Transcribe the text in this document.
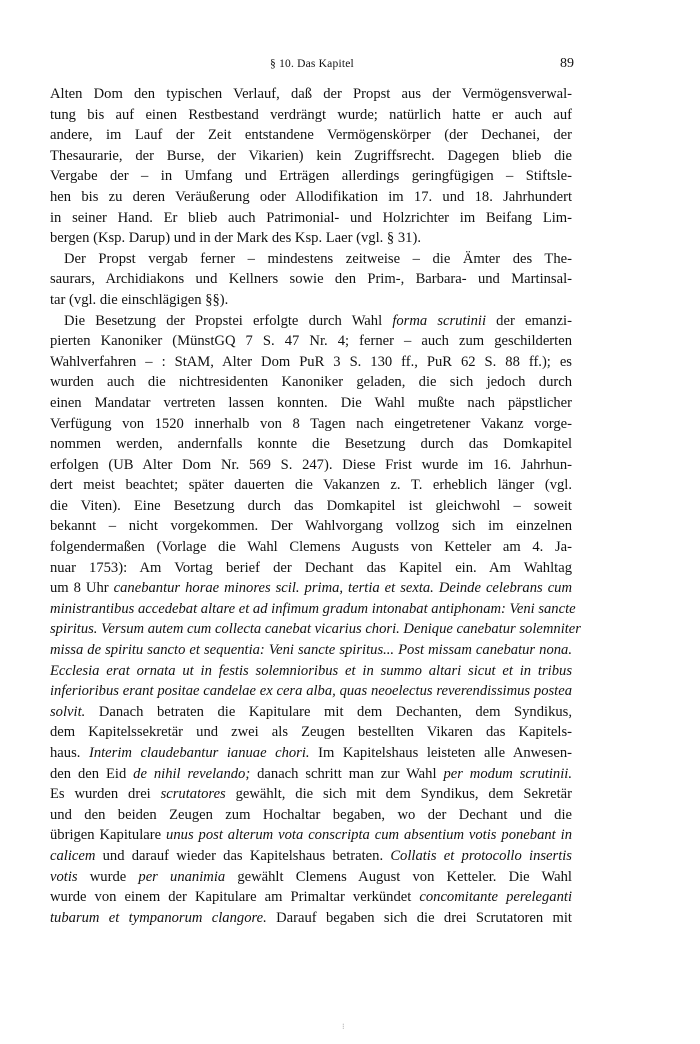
§ 10. Das Kapitel	89
Alten Dom den typischen Verlauf, daß der Propst aus der Vermögensverwal-
tung bis auf einen Restbestand verdrängt wurde; natürlich hatte er auch auf
andere, im Lauf der Zeit entstandene Vermögenskörper (der Dechanei, der
Thesaurarie, der Burse, der Vikarien) kein Zugriffsrecht. Dagegen blieb die
Vergabe der – in Umfang und Erträgen allerdings geringfügigen – Stiftsle-
hen bis zu deren Veräußerung oder Allodifikation im 17. und 18. Jahrhundert
in seiner Hand. Er blieb auch Patrimonial- und Holzrichter im Beifang Lim-
bergen (Ksp. Darup) und in der Mark des Ksp. Laer (vgl. § 31).
Der Propst vergab ferner – mindestens zeitweise – die Ämter des The-
saurars, Archidiakons und Kellners sowie den Prim-, Barbara- und Martinsal-
tar (vgl. die einschlägigen §§).
Die Besetzung der Propstei erfolgte durch Wahl forma scrutinii der emanzi-
pierten Kanoniker (MünstGQ 7 S. 47 Nr. 4; ferner – auch zum geschilderten
Wahlverfahren – : StAM, Alter Dom PuR 3 S. 130 ff., PuR 62 S. 88 ff.); es
wurden auch die nichtresidenten Kanoniker geladen, die sich jedoch durch
einen Mandatar vertreten lassen konnten. Die Wahl mußte nach päpstlicher
Verfügung von 1520 innerhalb von 8 Tagen nach eingetretener Vakanz vorge-
nommen werden, andernfalls konnte die Besetzung durch das Domkapitel
erfolgen (UB Alter Dom Nr. 569 S. 247). Diese Frist wurde im 16. Jahrhun-
dert meist beachtet; später dauerten die Vakanzen z. T. erheblich länger (vgl.
die Viten). Eine Besetzung durch das Domkapitel ist gleichwohl – soweit
bekannt – nicht vorgekommen. Der Wahlvorgang vollzog sich im einzelnen
folgendermaßen (Vorlage die Wahl Clemens Augusts von Ketteler am 4. Ja-
nuar 1753): Am Vortag berief der Dechant das Kapitel ein. Am Wahltag
um 8 Uhr canebantur horae minores scil. prima, tertia et sexta. Deinde celebrans cum
ministrantibus accedebat altare et ad infimum gradum intonabat antiphonam: Veni sancte
spiritus. Versum autem cum collecta canebat vicarius chori. Denique canebatur solemniter
missa de spiritu sancto et sequentia: Veni sancte spiritus... Post missam canebatur nona.
Ecclesia erat ornata ut in festis solemnioribus et in summo altari sicut et in tribus
inferioribus erant positae candelae ex cera alba, quas neoelectus reverendissimus postea
solvit. Danach betraten die Kapitulare mit dem Dechanten, dem Syndikus,
dem Kapitelssekretär und zwei als Zeugen bestellten Vikaren das Kapitels-
haus. Interim claudebantur ianuae chori. Im Kapitelshaus leisteten alle Anwesen-
den den Eid de nihil revelando; danach schritt man zur Wahl per modum scrutinii.
Es wurden drei scrutatores gewählt, die sich mit dem Syndikus, dem Sekretär
und den beiden Zeugen zum Hochaltar begaben, wo der Dechant und die
übrigen Kapitulare unus post alterum vota conscripta cum absentium votis ponebant in
calicem und darauf wieder das Kapitelshaus betraten. Collatis et protocollo insertis
votis wurde per unanimia gewählt Clemens August von Ketteler. Die Wahl
wurde von einem der Kapitulare am Primaltar verkündet concomitante pereleganti
tubarum et tympanorum clangore. Darauf begaben sich die drei Scrutatoren mit
⁝
